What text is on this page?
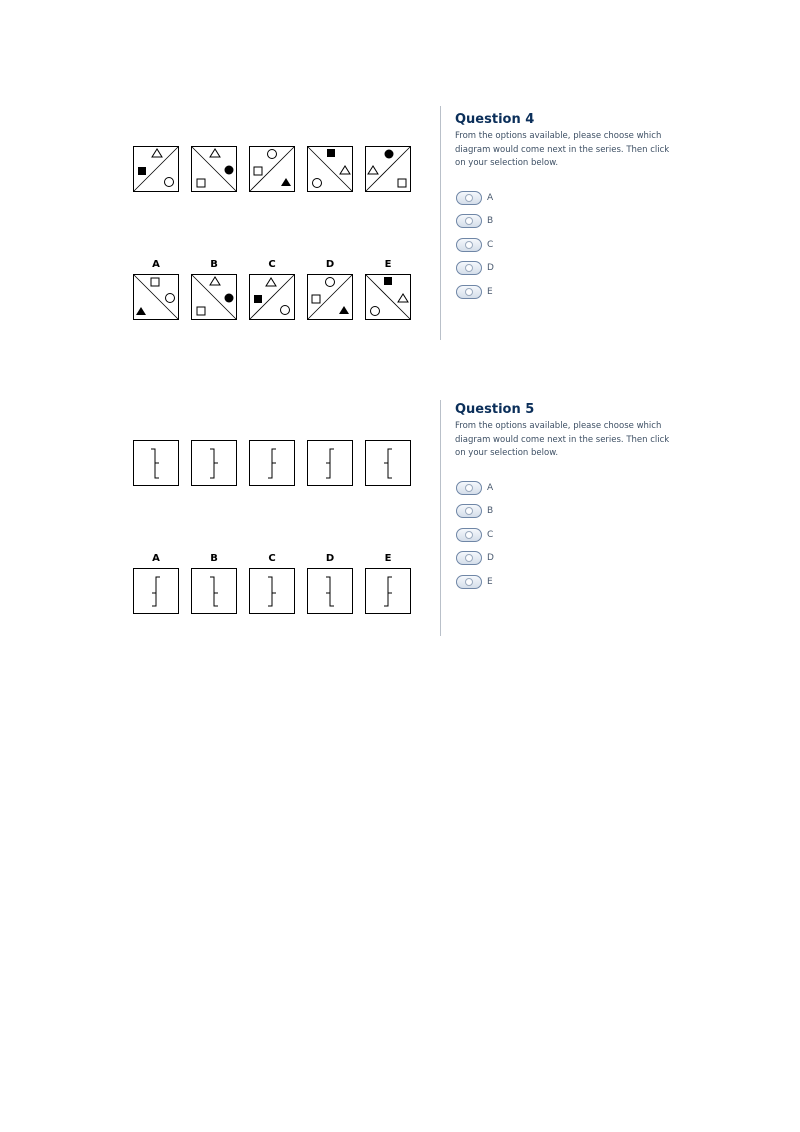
A	B	C	D	E
Question 4
From the options available, please choose which diagram would come next in the series. Then click on your selection below.
A
B
C
D
E
A	B	C	D	E
Question 5
From the options available, please choose which diagram would come next in the series. Then click on your selection below.
A
B
C
D
E
